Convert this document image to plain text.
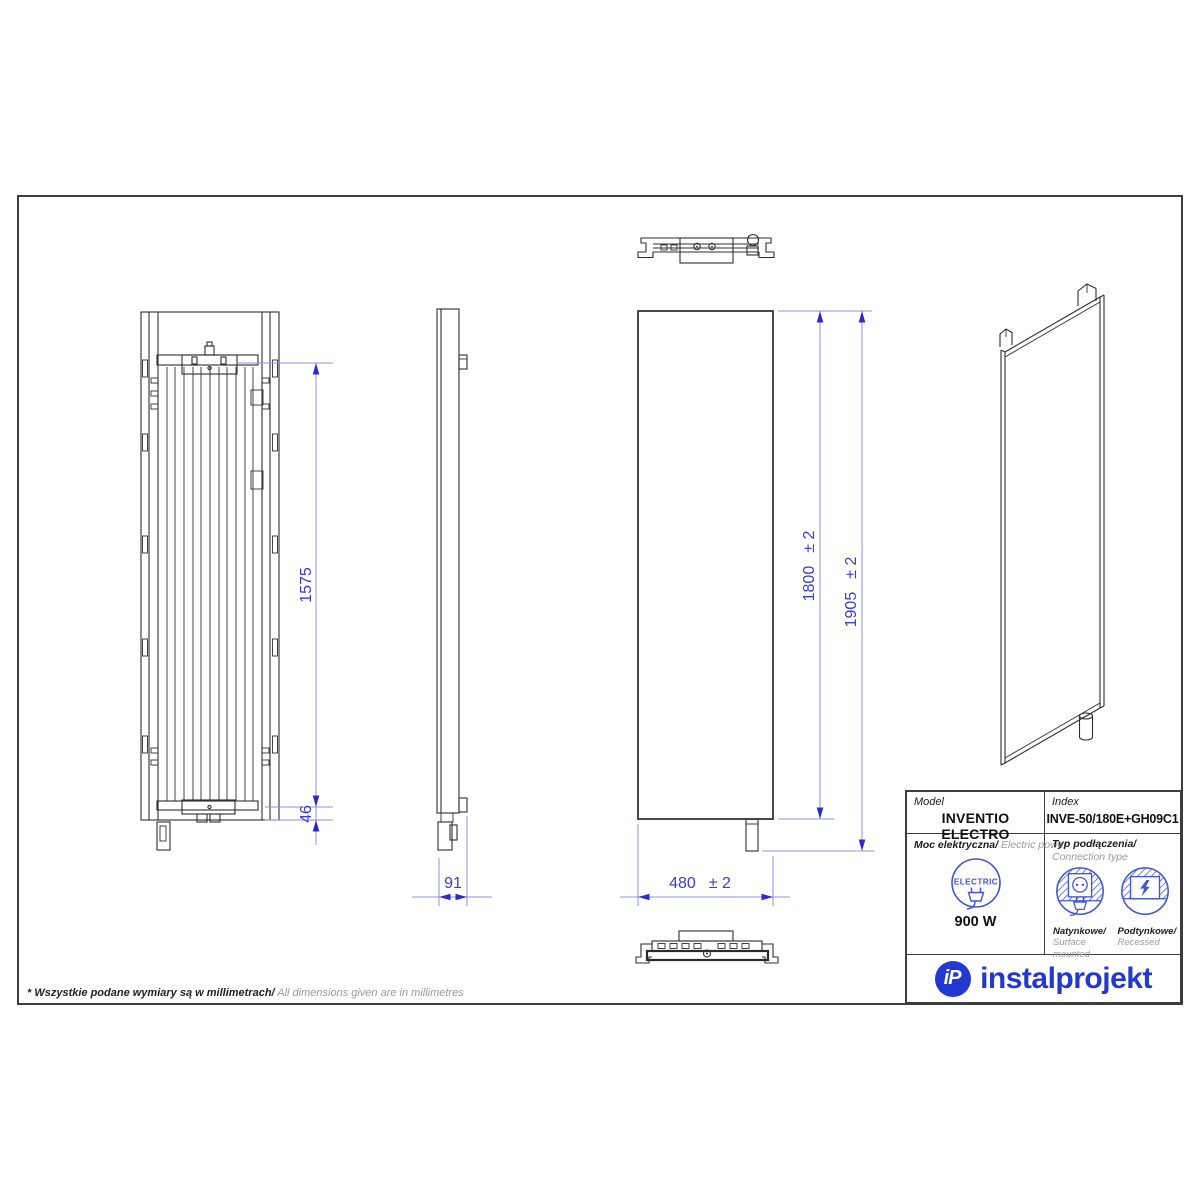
1575
46
91	480 ± 2
1800± 2
1905± 2
Model
INVENTIO ELECTRO
Index
INVE-50/180E+GH09C1
Moc elektryczna/ Electric power
ELECTRIC
900 W
Typ podłączenia/
Connection type
Natynkowe/
Surface mounted
Podtynkowe/
Recessed
iP instalprojekt
* Wszystkie podane wymiary są w millimetrach/ All dimensions given are in millimetres
